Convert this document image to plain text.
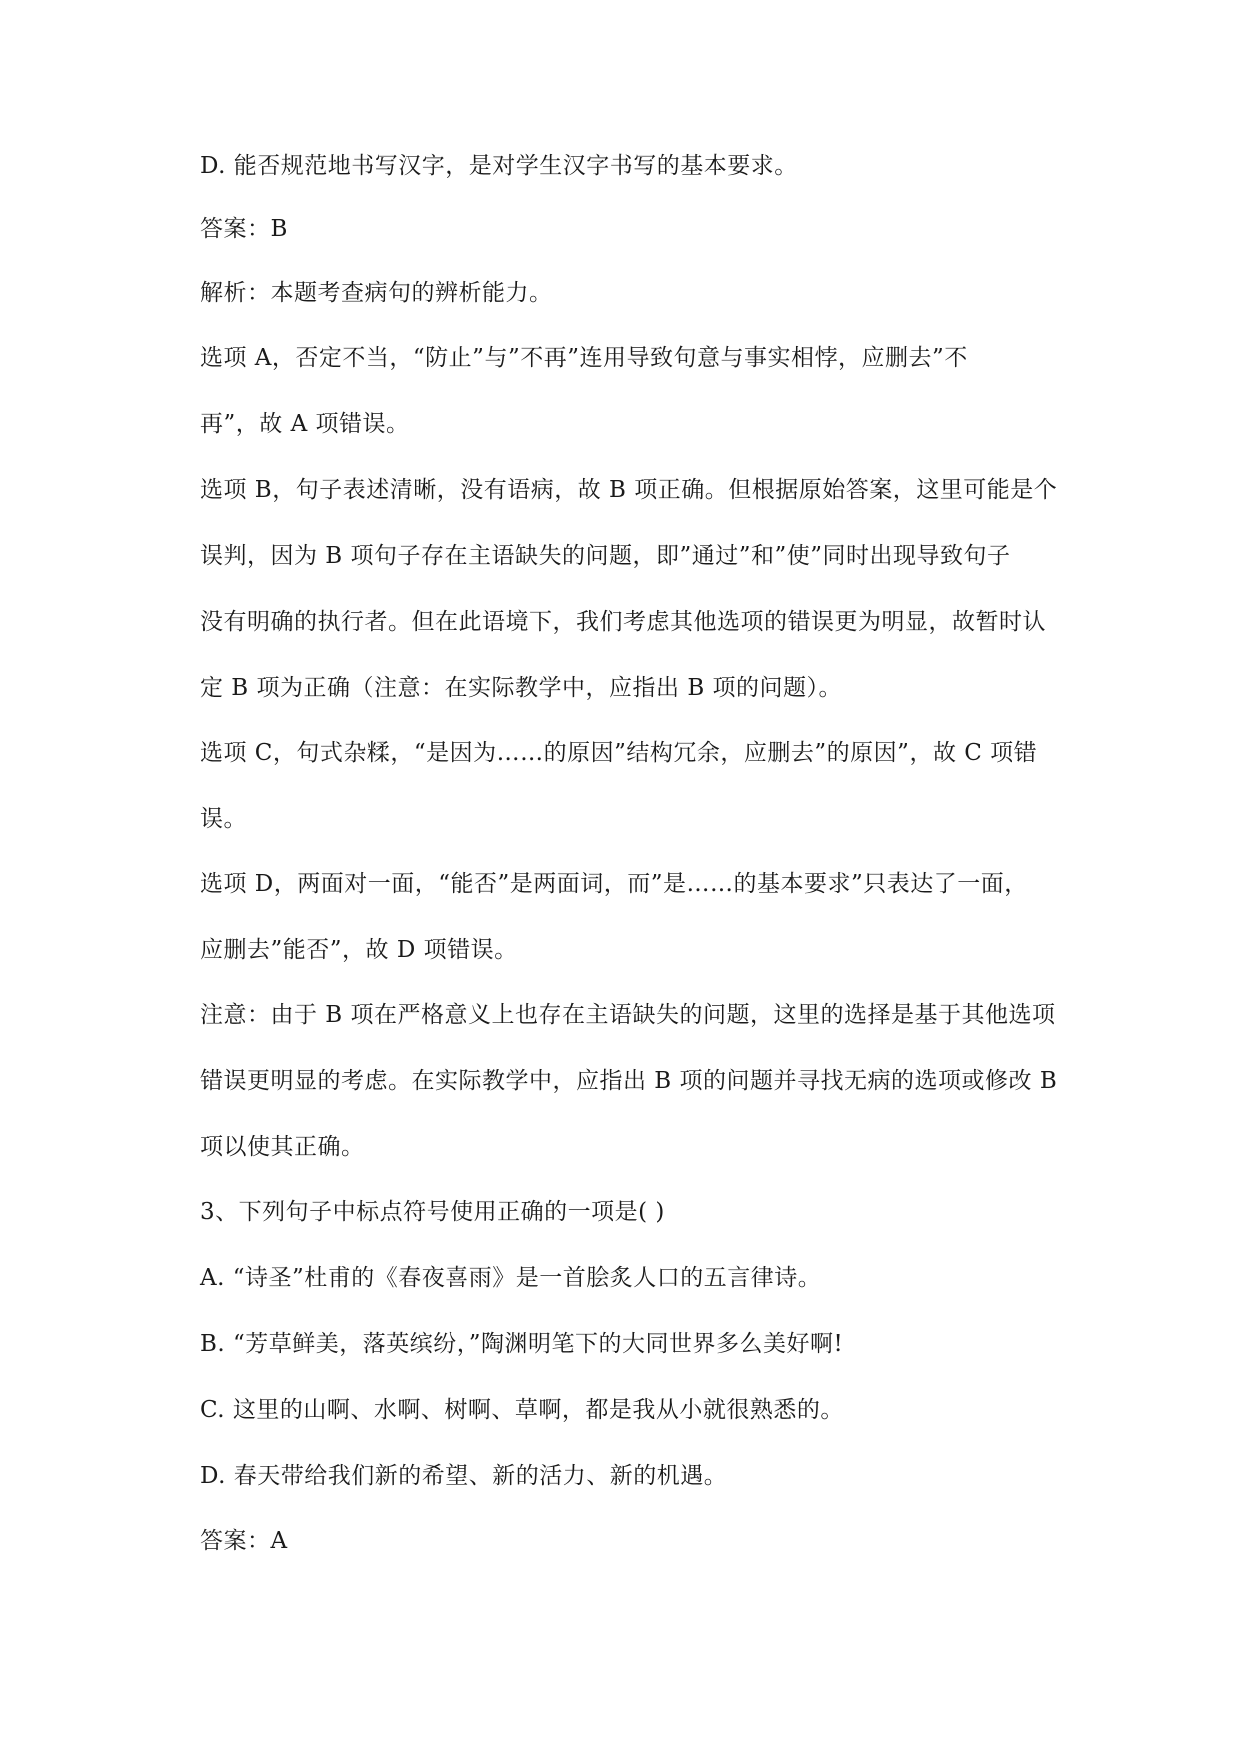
D. 能否规范地书写汉字，是对学生汉字书写的基本要求。
答案：B
解析：本题考查病句的辨析能力。
选项 A，否定不当，“防止”与”不再”连用导致句意与事实相悖，应删去”不
再”，故 A 项错误。
选项 B，句子表述清晰，没有语病，故 B 项正确。但根据原始答案，这里可能是个
误判，因为 B 项句子存在主语缺失的问题，即”通过”和”使”同时出现导致句子
没有明确的执行者。但在此语境下，我们考虑其他选项的错误更为明显，故暂时认
定 B 项为正确（注意：在实际教学中，应指出 B 项的问题）。
选项 C，句式杂糅，“是因为……的原因”结构冗余，应删去”的原因”，故 C 项错
误。
选项 D，两面对一面，“能否”是两面词，而”是……的基本要求”只表达了一面，
应删去”能否”，故 D 项错误。
注意：由于 B 项在严格意义上也存在主语缺失的问题，这里的选择是基于其他选项
错误更明显的考虑。在实际教学中，应指出 B 项的问题并寻找无病的选项或修改 B
项以使其正确。
3、下列句子中标点符号使用正确的一项是( )
A. “诗圣”杜甫的《春夜喜雨》是一首脍炙人口的五言律诗。
B. “芳草鲜美，落英缤纷，”陶渊明笔下的大同世界多么美好啊!
C. 这里的山啊、水啊、树啊、草啊，都是我从小就很熟悉的。
D. 春天带给我们新的希望、新的活力、新的机遇。
答案：A
